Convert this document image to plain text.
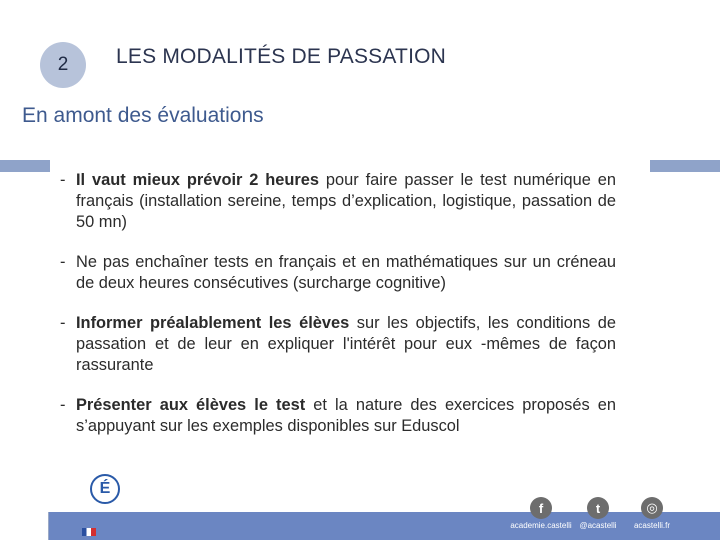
2 LES MODALITÉS DE PASSATION
En amont des évaluations
- Il vaut mieux prévoir 2 heures pour faire passer le test numérique en français (installation sereine, temps d’explication, logistique, passation de 50 mn)
- Ne pas enchaîner tests en français et en mathématiques sur un créneau de deux heures consécutives (surcharge cognitive)
- Informer préalablement les élèves sur les objectifs, les conditions de passation et de leur en expliquer l'intérêt pour eux -mêmes de façon rassurante
- Présenter aux élèves le test et la nature des exercices proposés en s’appuyant sur les exemples disponibles sur Eduscol
É
f
academie.castelli
t
@acastelli
◎
acastelli.fr
